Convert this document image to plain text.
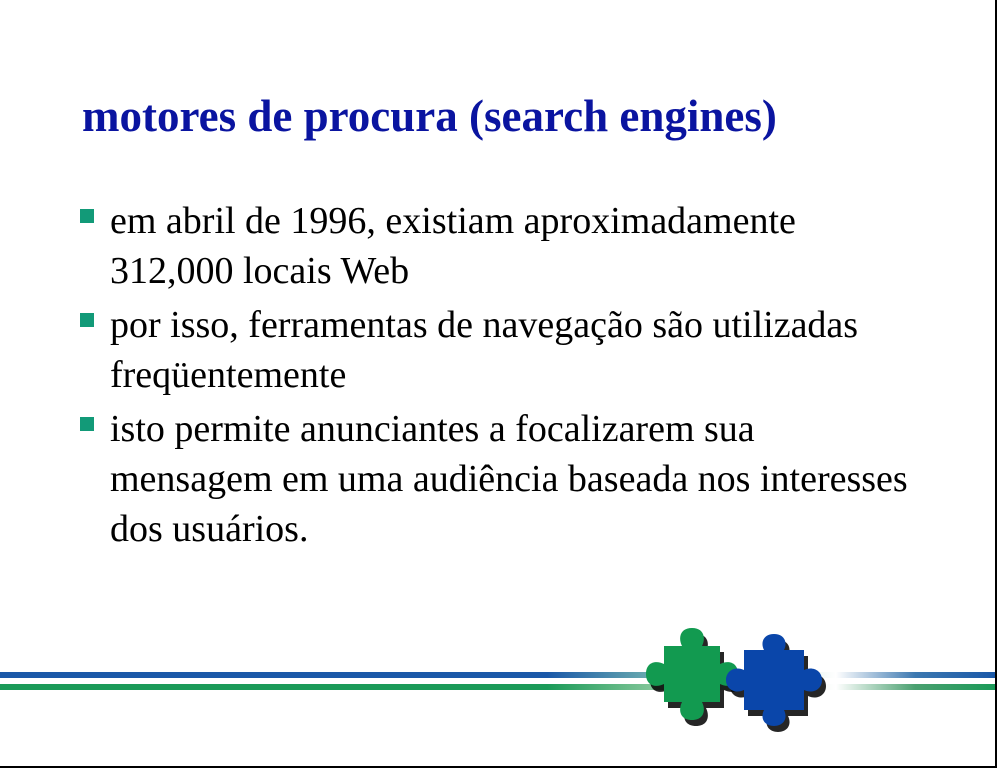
motores de procura (search engines)
em abril de 1996, existiam aproximadamente 312,000 locais Web
por isso, ferramentas de navegação são utilizadas freqüentemente
isto permite anunciantes a focalizarem sua mensagem em uma audiência baseada nos interesses dos usuários.
